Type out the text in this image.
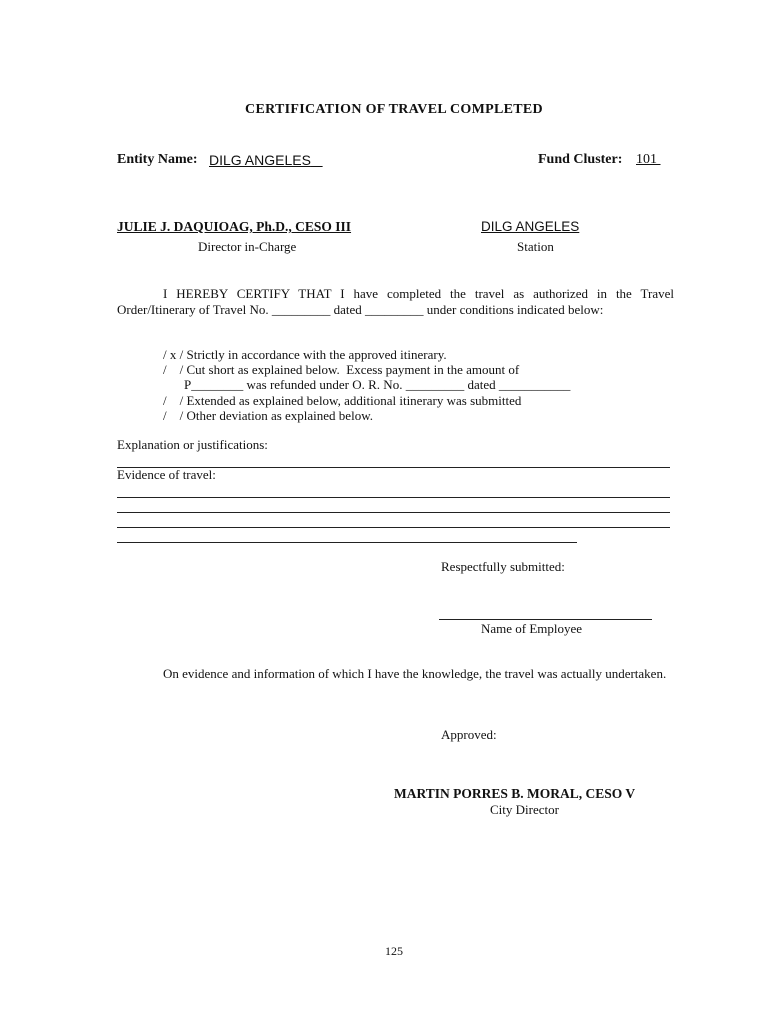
CERTIFICATION OF TRAVEL COMPLETED
Entity Name: DILG ANGELES	Fund Cluster: 101
JULIE J. DAQUIOAG, Ph.D., CESO III
Director in-Charge
DILG ANGELES
Station
I HEREBY CERTIFY THAT I have completed the travel as authorized in the Travel Order/Itinerary of Travel No. _________ dated _________ under conditions indicated below:
/ x / Strictly in accordance with the approved itinerary.
/    / Cut short as explained below.  Excess payment in the amount of
P________ was refunded under O. R. No. _________ dated ___________
/    / Extended as explained below, additional itinerary was submitted
/    / Other deviation as explained below.
Explanation or justifications:
Evidence of travel:
Respectfully submitted:
Name of Employee
On evidence and information of which I have the knowledge, the travel was actually undertaken.
Approved:
MARTIN PORRES B. MORAL, CESO V
City Director
125
